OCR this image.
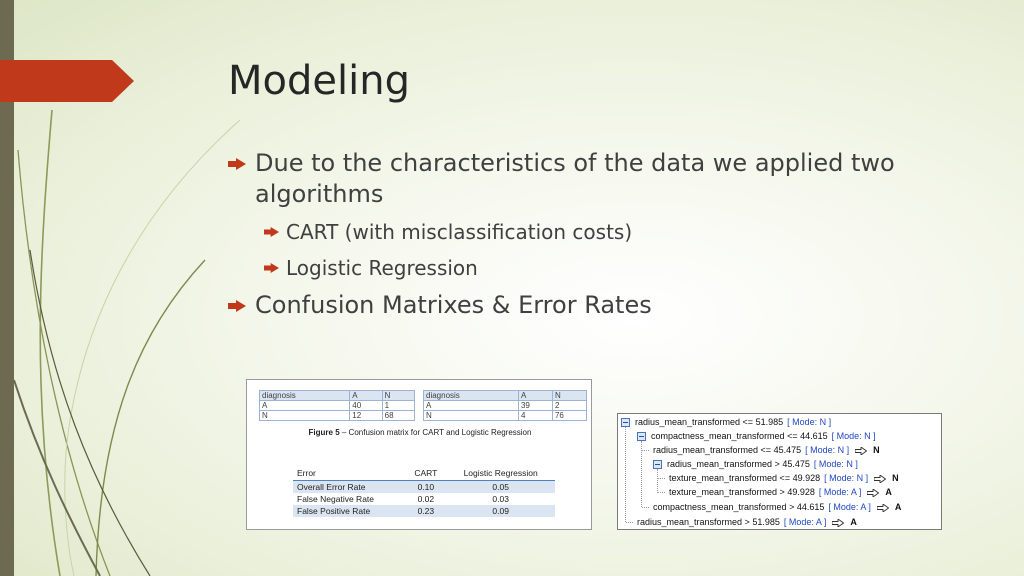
Modeling
Due to the characteristics of the data we applied two algorithms
CART (with misclassification costs)
Logistic Regression
Confusion Matrixes & Error Rates
diagnosis	A	N
A	40	1
N	12	68
diagnosis	A	N
A	39	2
N	4	76
Figure 5 – Confusion matrix for CART and Logistic Regression
Error	CART	Logistic Regression
Overall Error Rate	0.10	0.05
False Negative Rate	0.02	0.03
False Positive Rate	0.23	0.09
radius_mean_transformed <= 51.985 [ Mode: N ]
compactness_mean_transformed <= 44.615 [ Mode: N ]
radius_mean_transformed <= 45.475 [ Mode: N ]	N
radius_mean_transformed > 45.475 [ Mode: N ]
texture_mean_transformed <= 49.928 [ Mode: N ]	N
texture_mean_transformed > 49.928 [ Mode: A ]	A
compactness_mean_transformed > 44.615 [ Mode: A ]	A
radius_mean_transformed > 51.985 [ Mode: A ]	A
